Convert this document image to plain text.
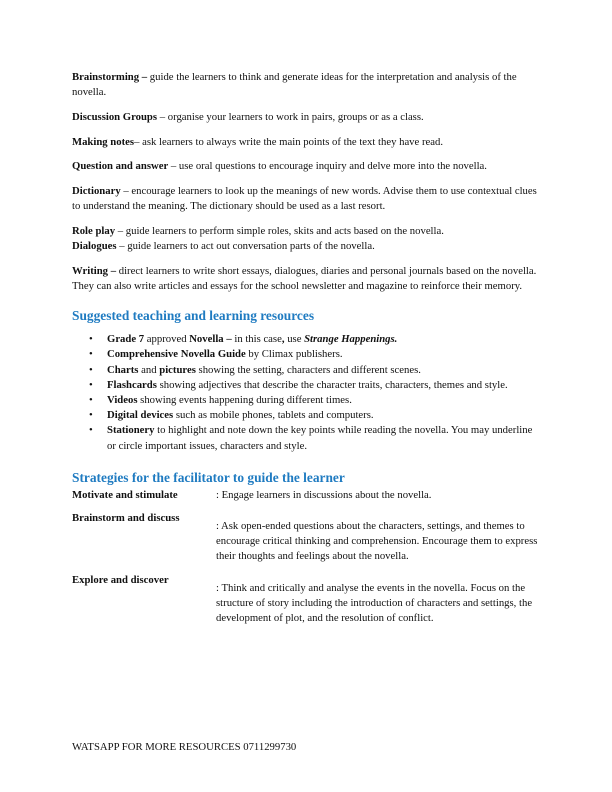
Brainstorming – guide the learners to think and generate ideas for the interpretation and analysis of the novella.

Discussion Groups – organise your learners to work in pairs, groups or as a class.

Making notes– ask learners to always write the main points of the text they have read.

Question and answer – use oral questions to encourage inquiry and delve more into the novella.

Dictionary – encourage learners to look up the meanings of new words. Advise them to use contextual clues to understand the meaning. The dictionary should be used as a last resort.

Role play – guide learners to perform simple roles, skits and acts based on the novella.

Dialogues – guide learners to act out conversation parts of the novella.

Writing – direct learners to write short essays, dialogues, diaries and personal journals based on the novella. They can also write articles and essays for the school newsletter and magazine to reinforce their memory.

Suggested teaching and learning resources
• Grade 7 approved Novella – in this case, use Strange Happenings.
• Comprehensive Novella Guide by Climax publishers.
• Charts and pictures showing the setting, characters and different scenes.
• Flashcards showing adjectives that describe the character traits, characters, themes and style.
• Videos showing events happening during different times.
• Digital devices such as mobile phones, tablets and computers.
• Stationery to highlight and note down the key points while reading the novella. You may underline or circle important issues, characters and style.
Strategies for the facilitator to guide the learner
Motivate and stimulate	: Engage learners in discussions about the novella.
Brainstorm and discuss
: Ask open-ended questions about the characters, settings, and themes to encourage critical thinking and comprehension. Encourage them to express their thoughts and feelings about the novella.
Explore and discover
: Think and critically and analyse the events in the novella. Focus on the structure of story including the introduction of characters and settings, the development of plot, and the resolution of conflict.
WATSAPP FOR MORE RESOURCES 0711299730
